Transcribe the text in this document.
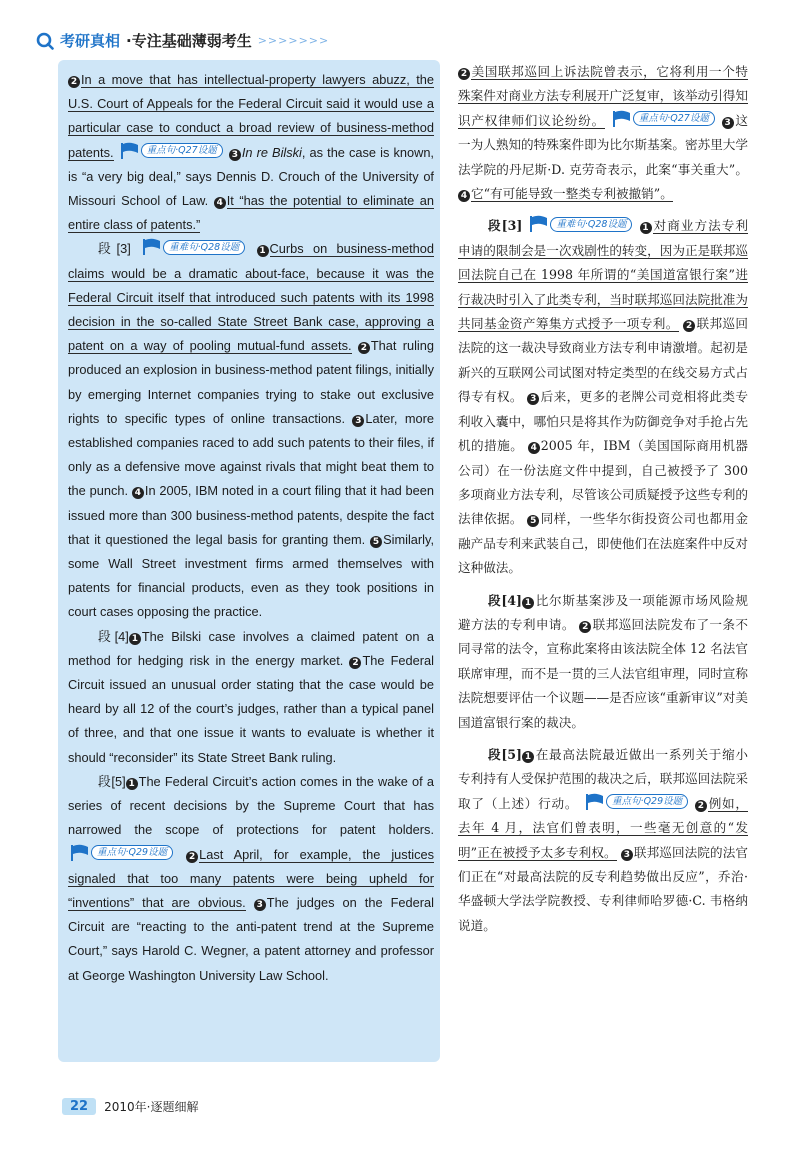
考研真相 ·专注基础薄弱考生 >>>>>>>

2 In a move that has intellectual-property lawyers abuzz, the U.S. Court of Appeals for the Federal Circuit said it would use a particular case to conduct a broad review of business-method patents.	重点句·Q27设题	3 In re Bilski, as the case is known, is “a very big deal,” says Dennis D. Crouch of the University of Missouri School of Law. 4 It “has the potential to eliminate an entire class of patents.”

段[3]	重难句·Q28设题	1 Curbs on business-method claims would be a dramatic about-face, because it was the Federal Circuit itself that introduced such patents with its 1998 decision in the so-called State Street Bank case, approving a patent on a way of pooling mutual-fund assets. 2 That ruling produced an explosion in business-method patent filings, initially by emerging Internet companies trying to stake out exclusive rights to specific types of online transactions. 3 Later, more established companies raced to add such patents to their files, if only as a defensive move against rivals that might beat them to the punch. 4 In 2005, IBM noted in a court filing that it had been issued more than 300 business-method patents, despite the fact that it questioned the legal basis for granting them. 5 Similarly, some Wall Street investment firms armed themselves with patents for financial products, even as they took positions in court cases opposing the practice.

段[4] 1 The Bilski case involves a claimed patent on a method for hedging risk in the energy market. 2 The Federal Circuit issued an unusual order stating that the case would be heard by all 12 of the court’s judges, rather than a typical panel of three, and that one issue it wants to evaluate is whether it should “reconsider” its State Street Bank ruling.

段[5] 1 The Federal Circuit’s action comes in the wake of a series of recent decisions by the Supreme Court that has narrowed the scope of protections for patent holders.
重点句·Q29设题	2 Last April, for example, the justices signaled that too many patents were being upheld for “inventions” that are obvious. 3 The judges on the Federal Circuit are “reacting to the anti-patent trend at the Supreme Court,” says Harold C. Wegner, a patent attorney and professor at George Washington University Law School.

2 美国联邦巡回上诉法院曾表示，它将利用一个特殊案件对商业方法专利展开广泛复审，该举动引得知识产权律师们议论纷纷。	重点句·Q27设题	3 这一为人熟知的特殊案件即为比尔斯基案。密苏里大学法学院的丹尼斯·D. 克劳奇表示，此案“事关重大”。 4 它“有可能导致一整类专利被撤销”。

段[3]	重难句·Q28设题	1 对商业方法专利申请的限制会是一次戏剧性的转变，因为正是联邦巡回法院自己在 1998 年所谓的“美国道富银行案”进行裁决时引入了此类专利，当时联邦巡回法院批准为共同基金资产筹集方式授予一项专利。 2 联邦巡回法院的这一裁决导致商业方法专利申请激增。起初是新兴的互联网公司试图对特定类型的在线交易方式占得专有权。 3 后来，更多的老牌公司竞相将此类专利收入囊中，哪怕只是将其作为防御竞争对手抢占先机的措施。 4 2005 年，IBM（美国国际商用机器公司）在一份法庭文件中提到，自己被授予了 300 多项商业方法专利，尽管该公司质疑授予这些专利的法律依据。 5 同样，一些华尔街投资公司也都用金融产品专利来武装自己，即使他们在法庭案件中反对这种做法。

段[4] 1 比尔斯基案涉及一项能源市场风险规避方法的专利申请。 2 联邦巡回法院发布了一条不同寻常的法令，宣称此案将由该法院全体 12 名法官联席审理，而不是一贯的三人法官组审理，同时宣称法院想要评估一个议题——是否应该“重新审议”对美国道富银行案的裁决。

段[5] 1 在最高法院最近做出一系列关于缩小专利持有人受保护范围的裁决之后，联邦巡回法院采取了（上述）行动。	重点句·Q29设题	2 例如，去年 4 月，法官们曾表明，一些毫无创意的“发明”正在被授予太多专利权。 3 联邦巡回法院的法官们正在“对最高法院的反专利趋势做出反应”，乔治·华盛顿大学法学院教授、专利律师哈罗德·C. 韦格纳说道。

22	2010年·逐题细解
